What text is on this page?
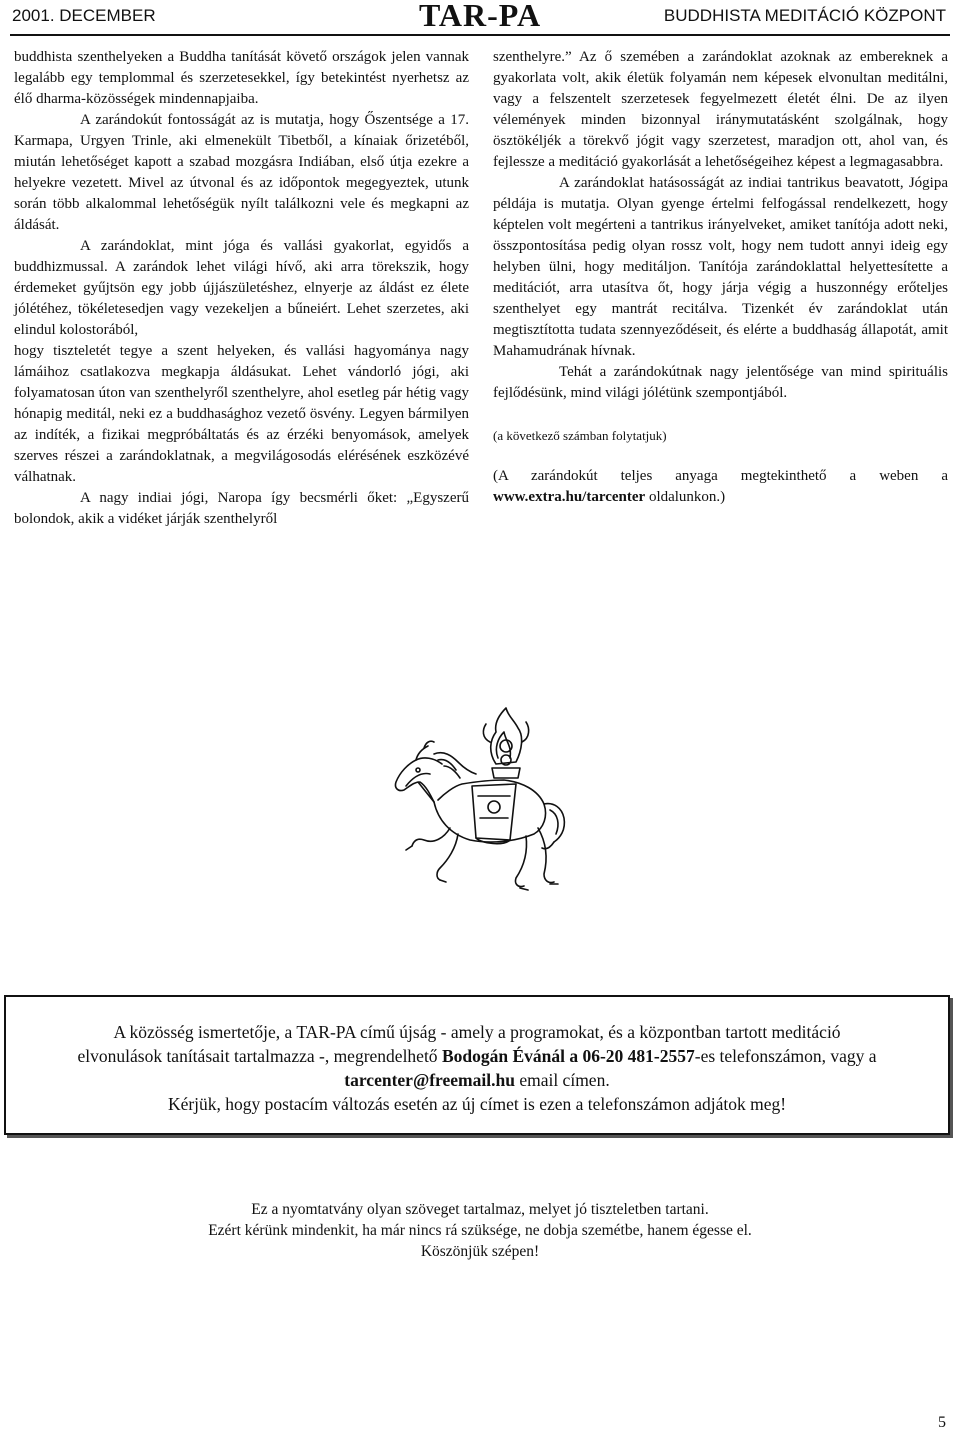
2001. DECEMBER	TAR-PA	BUDDHISTA MEDITÁCIÓ KÖZPONT

buddhista szenthelyeken a Buddha tanítását követő országok jelen vannak legalább egy templommal és szerzetesekkel, így betekintést nyerhetsz az élő dharma-közösségek mindennapjaiba.

A zarándokút fontosságát az is mutatja, hogy Őszentsége a 17. Karmapa, Urgyen Trinle, aki elmenekült Tibetből, a kínaiak őrizetéből, miután lehetőséget kapott a szabad mozgásra Indiában, első útja ezekre a helyekre vezetett. Mivel az útvonal és az időpontok megegyeztek, utunk során több alkalommal lehetőségük nyílt találkozni vele és megkapni az áldását.

A zarándoklat, mint jóga és vallási gyakorlat, egyidős a buddhizmussal. A zarándok lehet világi hívő, aki arra törekszik, hogy érdemeket gyűjtsön egy jobb újjászületéshez, elnyerje az áldást ez élete jólétéhez, tökéletesedjen vagy vezekeljen a bűneiért. Lehet szerzetes, aki elindul kolostorából,

hogy tiszteletét tegye a szent helyeken, és vallási hagyománya nagy lámáihoz csatlakozva megkapja áldásukat. Lehet vándorló jógi, aki folyamatosan úton van szenthelyről szenthelyre, ahol esetleg pár hétig vagy hónapig meditál, neki ez a buddhasághoz vezető ösvény. Legyen bármilyen az indíték, a fizikai megpróbáltatás és az érzéki benyomások, amelyek szerves részei a zarándoklatnak, a megvilágosodás elérésének eszközévé válhatnak.

A nagy indiai jógi, Naropa így becsmérli őket: „Egyszerű bolondok, akik a vidéket járják szenthelyről

szenthelyre.” Az ő szemében a zarándoklat azoknak az embereknek a gyakorlata volt, akik életük folyamán nem képesek elvonultan meditálni, vagy a felszentelt szerzetesek fegyelmezett életét élni. De az ilyen vélemények minden bizonnyal iránymutatásként szolgálnak, hogy ösztökéljék a törekvő jógit vagy szerzetest, maradjon ott, ahol van, és fejlessze a meditáció gyakorlását a lehetőségeihez képest a legmagasabbra.

A zarándoklat hatásosságát az indiai tantrikus beavatott, Jógipa példája is mutatja. Olyan gyenge értelmi felfogással rendelkezett, hogy képtelen volt megérteni a tantrikus irányelveket, amiket tanítója adott neki, összpontosítása pedig olyan rossz volt, hogy nem tudott annyi ideig egy helyben ülni, hogy meditáljon. Tanítója zarándoklattal helyettesítette a meditációt, arra utasítva őt, hogy járja végig a huszonnégy erőteljes szenthelyet egy mantrát recitálva. Tizenkét év zarándoklat után megtisztította tudata szennyeződéseit, és elérte a buddhaság állapotát, amit Mahamudrának hívnak.

Tehát a zarándokútnak nagy jelentősége van mind spirituális fejlődésünk, mind világi jólétünk szempontjából.

(a következő számban folytatjuk)

(A zarándokút teljes anyaga megtekinthető a weben a www.extra.hu/tarcenter oldalunkon.)

A közösség ismertetője, a TAR-PA című újság - amely a programokat, és a központban tartott meditáció

elvonulások tanításait tartalmazza -, megrendelhető Bodogán Évánál a 06-20 481-2557-es telefonszámon, vagy a

tarcenter@freemail.hu email címen.

Kérjük, hogy postacím változás esetén az új címet is ezen a telefonszámon adjátok meg!

Ez a nyomtatvány olyan szöveget tartalmaz, melyet jó tiszteletben tartani.

Ezért kérünk mindenkit, ha már nincs rá szüksége, ne dobja szemétbe, hanem égesse el.

Köszönjük szépen!

5
